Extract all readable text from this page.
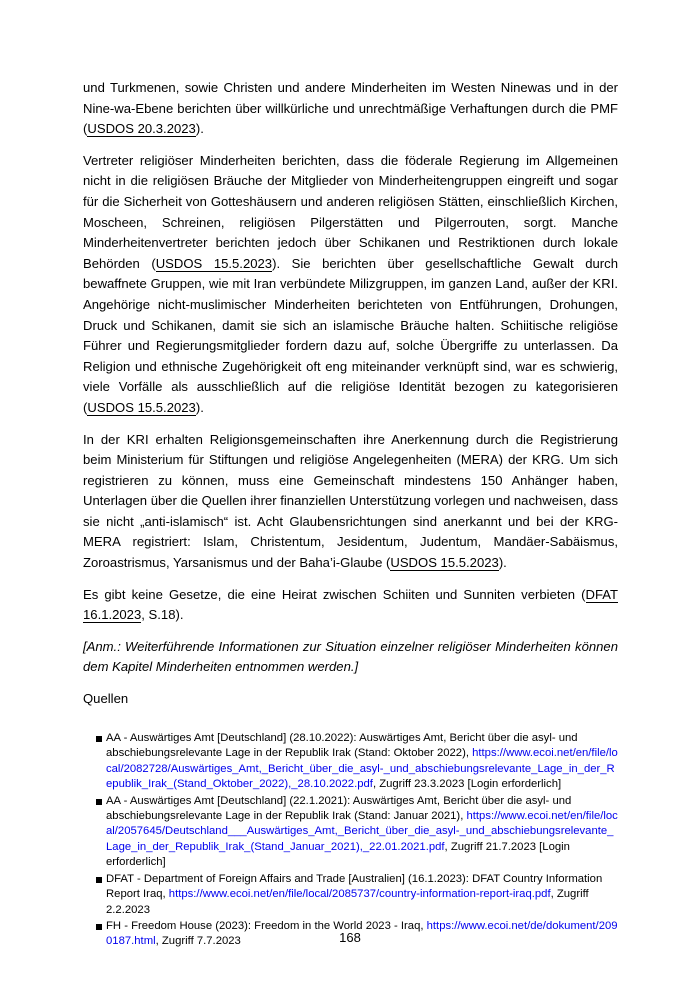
und Turkmenen, sowie Christen und andere Minderheiten im Westen Ninewas und in der Nine-wa-Ebene berichten über willkürliche und unrechtmäßige Verhaftungen durch die PMF (USDOS 20.3.2023).

Vertreter religiöser Minderheiten berichten, dass die föderale Regierung im Allgemeinen nicht in die religiösen Bräuche der Mitglieder von Minderheitengruppen eingreift und sogar für die Sicherheit von Gotteshäusern und anderen religiösen Stätten, einschließlich Kirchen, Moscheen, Schreinen, religiösen Pilgerstätten und Pilgerrouten, sorgt. Manche Minderheitenvertreter berichten jedoch über Schikanen und Restriktionen durch lokale Behörden (USDOS 15.5.2023). Sie berichten über gesellschaftliche Gewalt durch bewaffnete Gruppen, wie mit Iran verbündete Milizgruppen, im ganzen Land, außer der KRI. Angehörige nicht-muslimischer Minderheiten berichteten von Entführungen, Drohungen, Druck und Schikanen, damit sie sich an islamische Bräuche halten. Schiitische religiöse Führer und Regierungsmitglieder fordern dazu auf, solche Übergriffe zu unterlassen. Da Religion und ethnische Zugehörigkeit oft eng miteinander verknüpft sind, war es schwierig, viele Vorfälle als ausschließlich auf die religiöse Identität bezogen zu kategorisieren (USDOS 15.5.2023).

In der KRI erhalten Religionsgemeinschaften ihre Anerkennung durch die Registrierung beim Ministerium für Stiftungen und religiöse Angelegenheiten (MERA) der KRG. Um sich registrieren zu können, muss eine Gemeinschaft mindestens 150 Anhänger haben, Unterlagen über die Quellen ihrer finanziellen Unterstützung vorlegen und nachweisen, dass sie nicht „anti-islamisch“ ist. Acht Glaubensrichtungen sind anerkannt und bei der KRG-MERA registriert: Islam, Christentum, Jesidentum, Judentum, Mandäer-Sabäismus, Zoroastrismus, Yarsanismus und der Baha’i-Glaube (USDOS 15.5.2023).

Es gibt keine Gesetze, die eine Heirat zwischen Schiiten und Sunniten verbieten (DFAT 16.1.2023, S.18).

[Anm.: Weiterführende Informationen zur Situation einzelner religiöser Minderheiten können dem Kapitel Minderheiten entnommen werden.]

Quellen

AA - Auswärtiges Amt [Deutschland] (28.10.2022): Auswärtiges Amt, Bericht über die asyl- und abschiebungsrelevante Lage in der Republik Irak (Stand: Oktober 2022), https://www.ecoi.net/en/file/local/2082728/Auswärtiges_Amt,_Bericht_über_die_asyl-_und_abschiebungsrelevante_Lage_in_der_Republik_Irak_(Stand_Oktober_2022),_28.10.2022.pdf, Zugriff 23.3.2023 [Login erforderlich]
AA - Auswärtiges Amt [Deutschland] (22.1.2021): Auswärtiges Amt, Bericht über die asyl- und abschiebungsrelevante Lage in der Republik Irak (Stand: Januar 2021), https://www.ecoi.net/en/file/local/2057645/Deutschland___Auswärtiges_Amt,_Bericht_über_die_asyl-_und_abschiebungsrelevante_Lage_in_der_Republik_Irak_(Stand_Januar_2021),_22.01.2021.pdf, Zugriff 21.7.2023 [Login erforderlich]
DFAT - Department of Foreign Affairs and Trade [Australien] (16.1.2023): DFAT Country Information Report Iraq, https://www.ecoi.net/en/file/local/2085737/country-information-report-iraq.pdf, Zugriff 2.2.2023
FH - Freedom House (2023): Freedom in the World 2023 - Iraq, https://www.ecoi.net/de/dokument/2090187.html, Zugriff 7.7.2023	168
